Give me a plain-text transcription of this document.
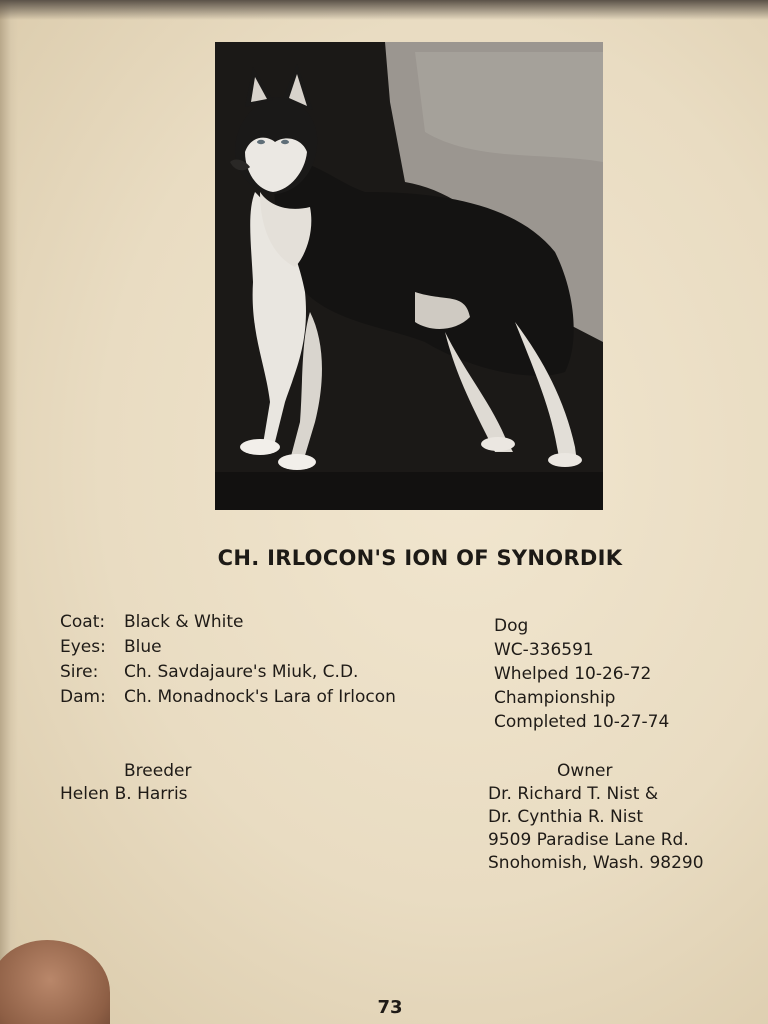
CH. IRLOCON'S ION OF SYNORDIK
Coat:	Black & White
Eyes:	Blue
Sire:	Ch. Savdajaure's Miuk, C.D.
Dam:	Ch. Monadnock's Lara of Irlocon
Dog
WC-336591
Whelped 10-26-72
Championship
Completed 10-27-74
Breeder
Helen B. Harris
Owner
Dr. Richard T. Nist &
Dr. Cynthia R. Nist
9509 Paradise Lane Rd.
Snohomish, Wash. 98290
73
